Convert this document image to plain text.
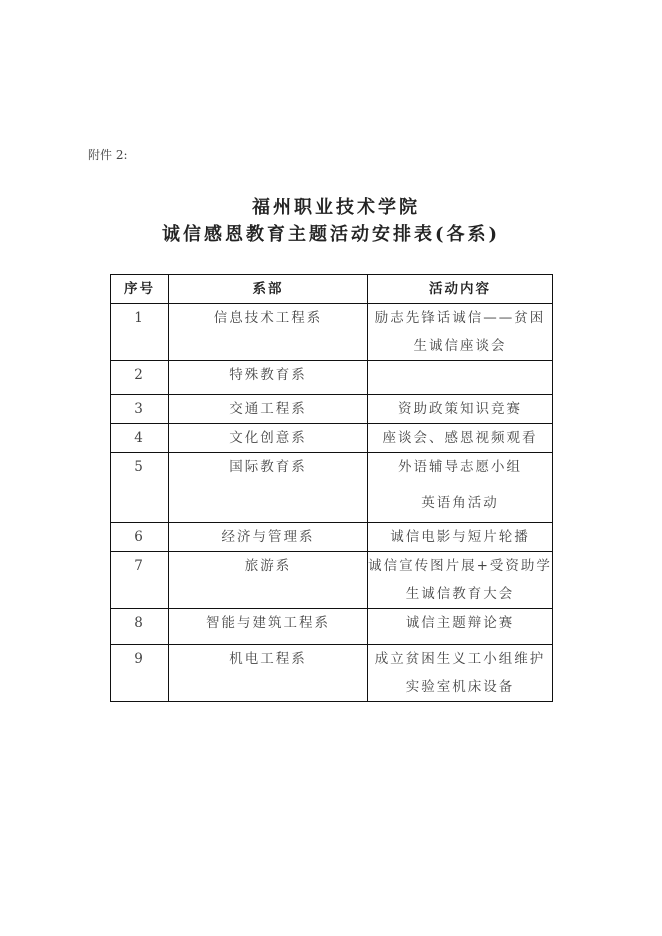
附件 2:
福州职业技术学院
诚信感恩教育主题活动安排表(各系)
序号	系部	活动内容
1	信息技术工程系	励志先锋话诚信——贫困
生诚信座谈会

2	特殊教育系	
3	交通工程系	资助政策知识竞赛

4	文化创意系	座谈会、感恩视频观看

5	国际教育系	外语辅导志愿小组
英语角活动

6	经济与管理系	诚信电影与短片轮播

7	旅游系	诚信宣传图片展+受资助学
生诚信教育大会

8	智能与建筑工程系	诚信主题辩论赛

9	机电工程系	成立贫困生义工小组维护
实验室机床设备
